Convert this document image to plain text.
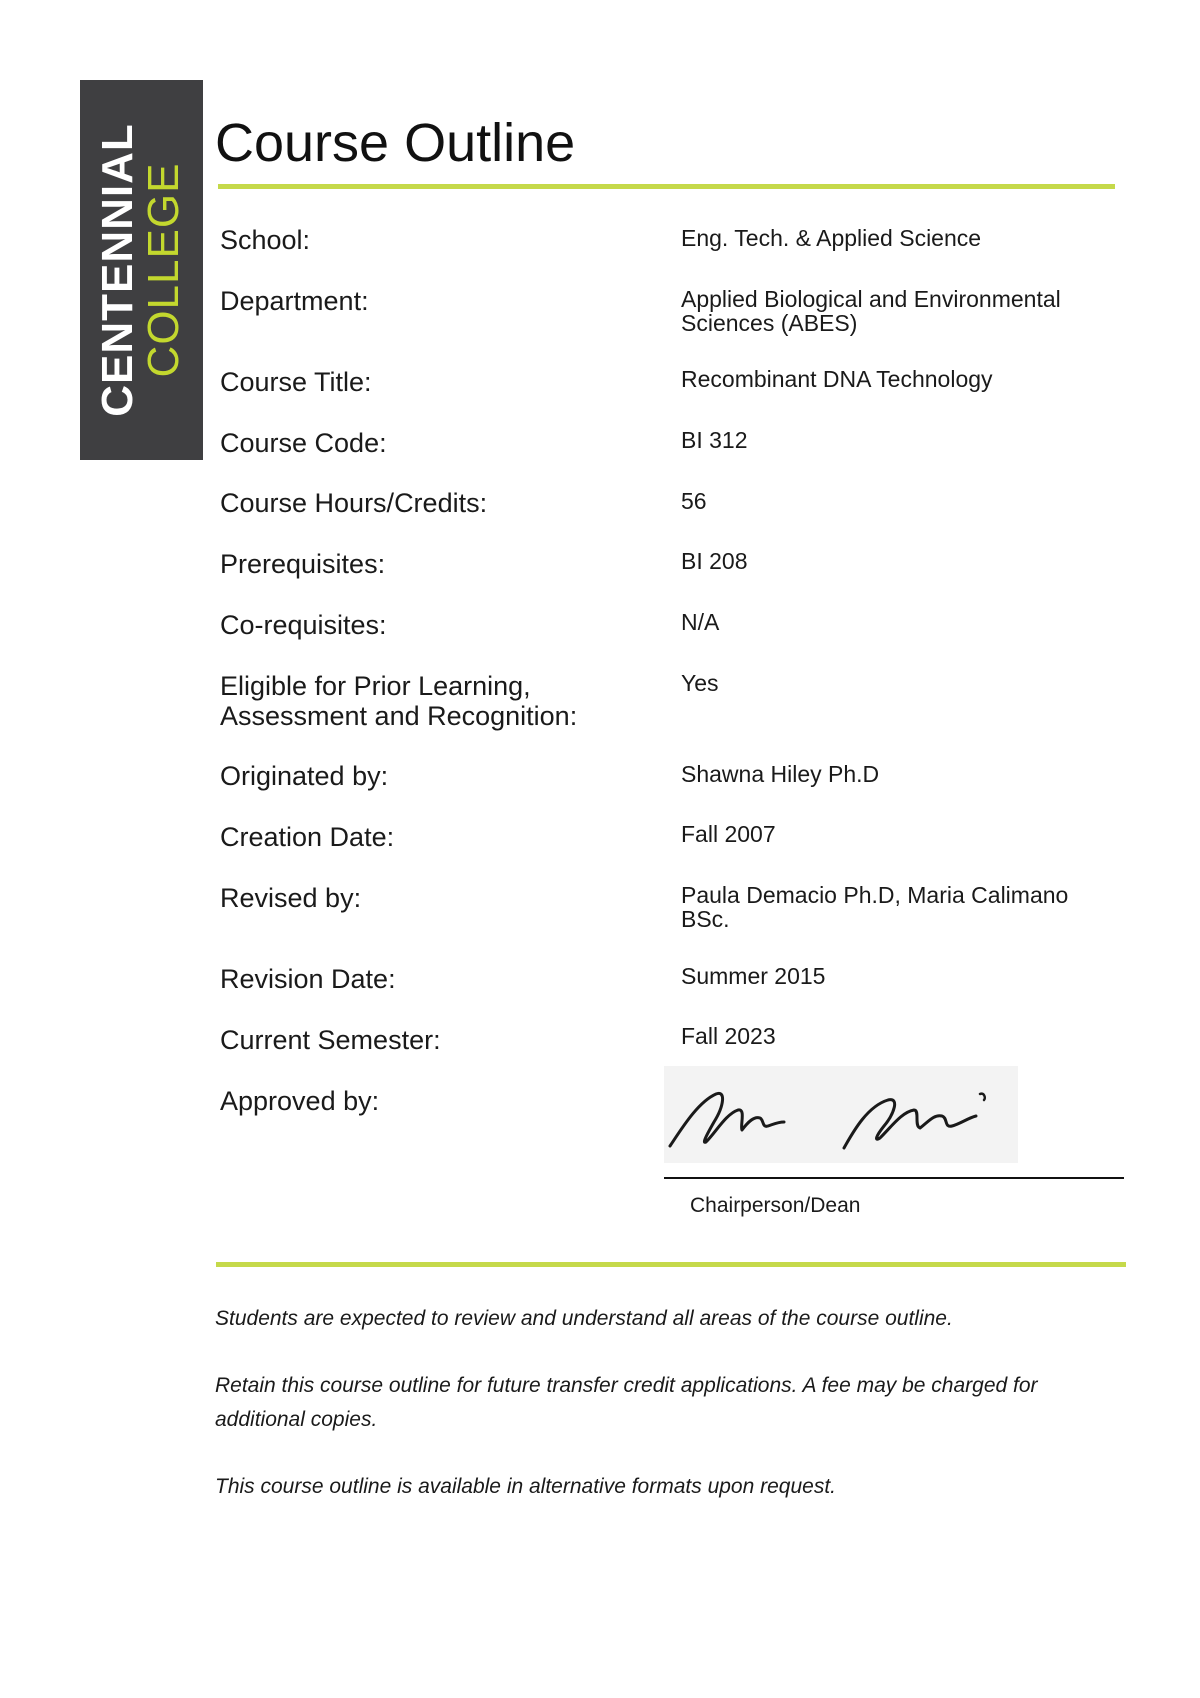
CENTENNIAL
COLLEGE
Course Outline
School:	Eng. Tech. & Applied Science
Department:	Applied Biological and Environmental Sciences (ABES)
Course Title:	Recombinant DNA Technology
Course Code:	BI 312
Course Hours/Credits:	56
Prerequisites:	BI 208
Co-requisites:	N/A
Eligible for Prior Learning, Assessment and Recognition:
Yes
Originated by:	Shawna Hiley Ph.D
Creation Date:	Fall 2007
Revised by:	Paula Demacio Ph.D, Maria Calimano BSc.
Revision Date:	Summer 2015
Current Semester:	Fall 2023
Approved by:
Chairperson/Dean
Students are expected to review and understand all areas of the course outline.
Retain this course outline for future transfer credit applications. A fee may be charged for additional copies.
This course outline is available in alternative formats upon request.
